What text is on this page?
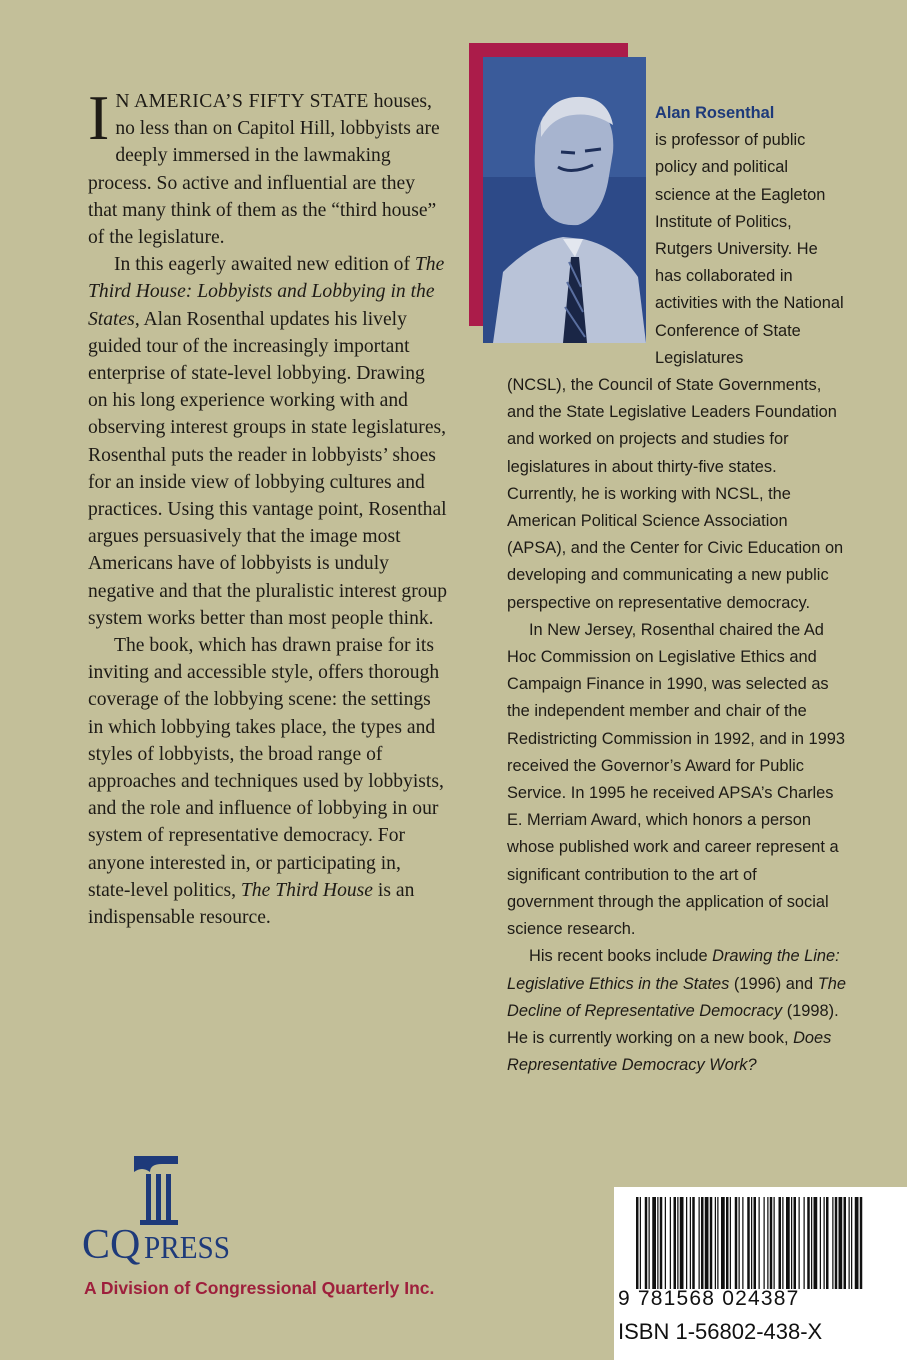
I N AMERICA’S FIFTY STATE houses, no less than on Capitol Hill, lobbyists are deeply immersed in the lawmaking process. So active and influential are they that many think of them as the “third house” of the legislature.

In this eagerly awaited new edition of The Third House: Lobbyists and Lobbying in the States, Alan Rosenthal updates his lively guided tour of the increasingly important enterprise of state-level lobbying. Drawing on his long experience working with and observing interest groups in state legislatures, Rosenthal puts the reader in lobbyists’ shoes for an inside view of lobbying cultures and practices. Using this vantage point, Rosenthal argues persuasively that the image most Americans have of lobbyists is unduly negative and that the pluralistic interest group system works better than most people think.

The book, which has drawn praise for its inviting and accessible style, offers thorough coverage of the lobbying scene: the settings in which lobbying takes place, the types and styles of lobbyists, the broad range of approaches and techniques used by lobbyists, and the role and influence of lobbying in our system of representative democracy. For anyone interested in, or participating in, state-level politics, The Third House is an indispensable resource.

Alan Rosenthal
is professor of public policy and political science at the Eagleton Institute of Politics, Rutgers University. He has collaborated in activities with the National Conference of State Legislatures

(NCSL), the Council of State Governments, and the State Legislative Leaders Foundation and worked on projects and studies for legislatures in about thirty-five states. Currently, he is working with NCSL, the American Political Science Association (APSA), and the Center for Civic Education on developing and communicating a new public perspective on representative democracy.

In New Jersey, Rosenthal chaired the Ad Hoc Commission on Legislative Ethics and Campaign Finance in 1990, was selected as the independent member and chair of the Redistricting Commission in 1992, and in 1993 received the Governor’s Award for Public Service. In 1995 he received APSA’s Charles E. Merriam Award, which honors a person whose published work and career represent a significant contribution to the art of government through the application of social science research.

His recent books include Drawing the Line: Legislative Ethics in the States (1996) and The Decline of Representative Democracy (1998). He is currently working on a new book, Does Representative Democracy Work?

CQ PRESS
A Division of Congressional Quarterly Inc.	9 781568 024387
ISBN 1-56802-438-X
